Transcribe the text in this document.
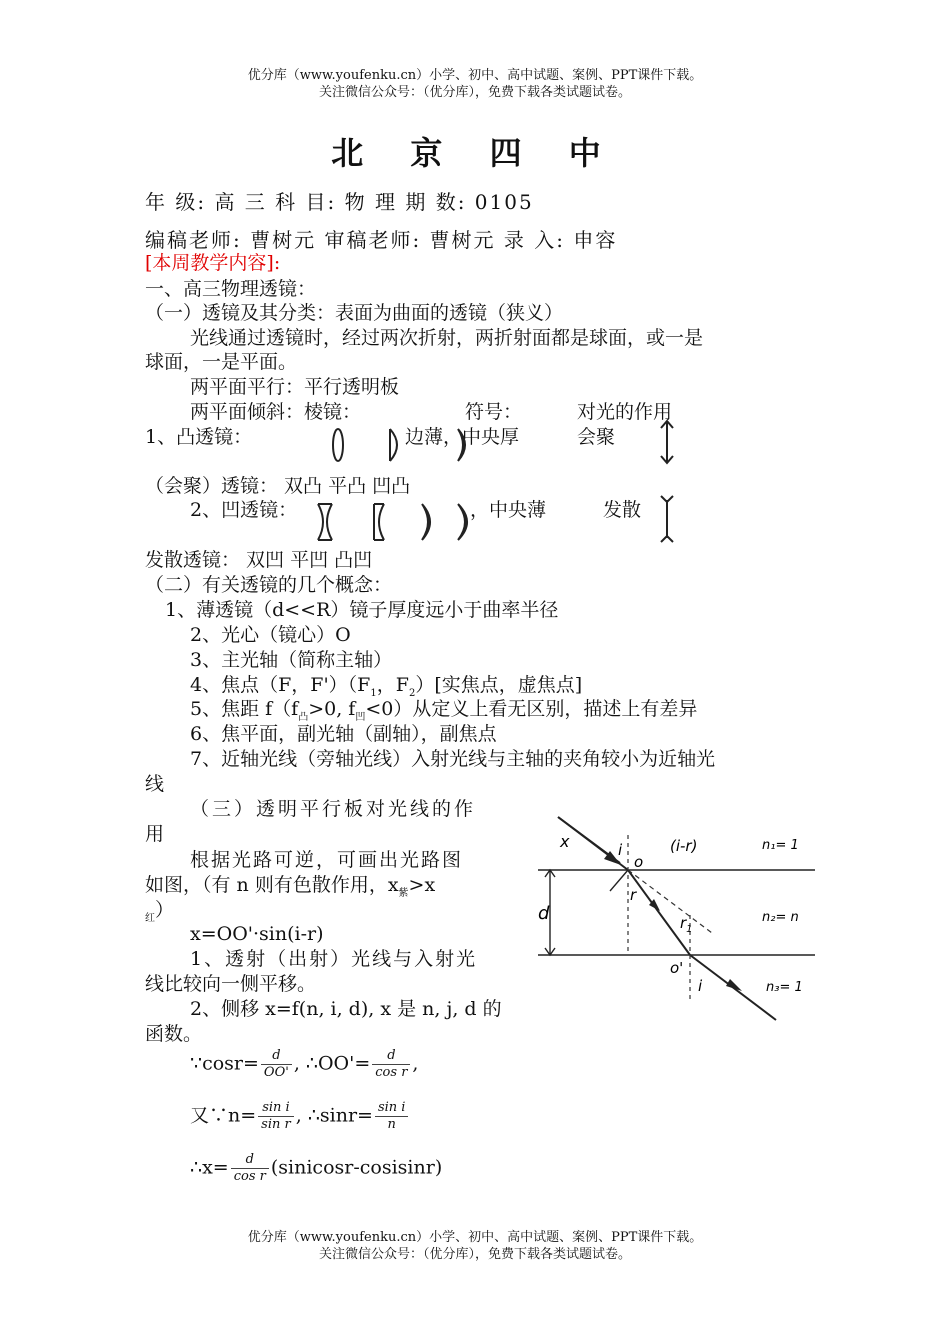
优分库（www.youfenku.cn）小学、初中、高中试题、案例、PPT课件下载。
关注微信公众号：（优分库），免费下载各类试题试卷。
北 京 四 中
年 级: 高 三 科 目: 物 理 期 数: 0105
编稿老师: 曹树元 审稿老师: 曹树元 录 入: 申容
[本周教学内容]:
一、高三物理透镜：
（一）透镜及其分类：表面为曲面的透镜（狭义）
光线通过透镜时，经过两次折射，两折射面都是球面，或一是
球面，一是平面。
两平面平行：平行透明板
两平面倾斜：棱镜：	符号：	对光的作用
1、凸透镜：	边薄，中央厚	会聚
（会聚）透镜： 双凸 平凸 凹凸
2、凹透镜：	，中央薄	发散
发散透镜： 双凹 平凹 凸凹
（二）有关透镜的几个概念：
1、薄透镜（d<<R）镜子厚度远小于曲率半径
2、光心（镜心）O
3、主光轴（简称主轴）
4、焦点（F，$F')(F_1$，$F_2$）[实焦点，虚焦点]
5、焦距 $f(f_凸>0$, $f_凹<0$）从定义上看无区别，描述上有差异
6、焦平面，副光轴（副轴），副焦点
7、近轴光线（旁轴光线）入射光线与主轴的夹角较小为近轴光
线
（三）透明平行板对光线的作
用
根据光路可逆，可画出光路图
如图，（有 n 则有色散作用，$x_紫>x$
$_红$）
x=OO'·sin(i-r)
1、透射（出射）光线与入射光
线比较向一侧平移。
2、侧移 x=f(n, i, d), x 是 n, j, d 的
函数。
∵cosr= $\frac{d}{OO'}$ , ∴OO'= $\frac{d}{\text{cos r}}$ ,
又∵n= $\frac{\text{sin i}}{\text{sin r}}$ , ∴sinr= $\frac{\text{sin i}}{n}$
∴x= $\frac{d}{\text{cos r}}$ (sinicosr-cosisinr)
x	i
o
(i-r)
r
$r_1$
d
o'
i
n₁= 1
n₂= n
n₃= 1
优分库（www.youfenku.cn）小学、初中、高中试题、案例、PPT课件下载。
关注微信公众号：（优分库），免费下载各类试题试卷。
